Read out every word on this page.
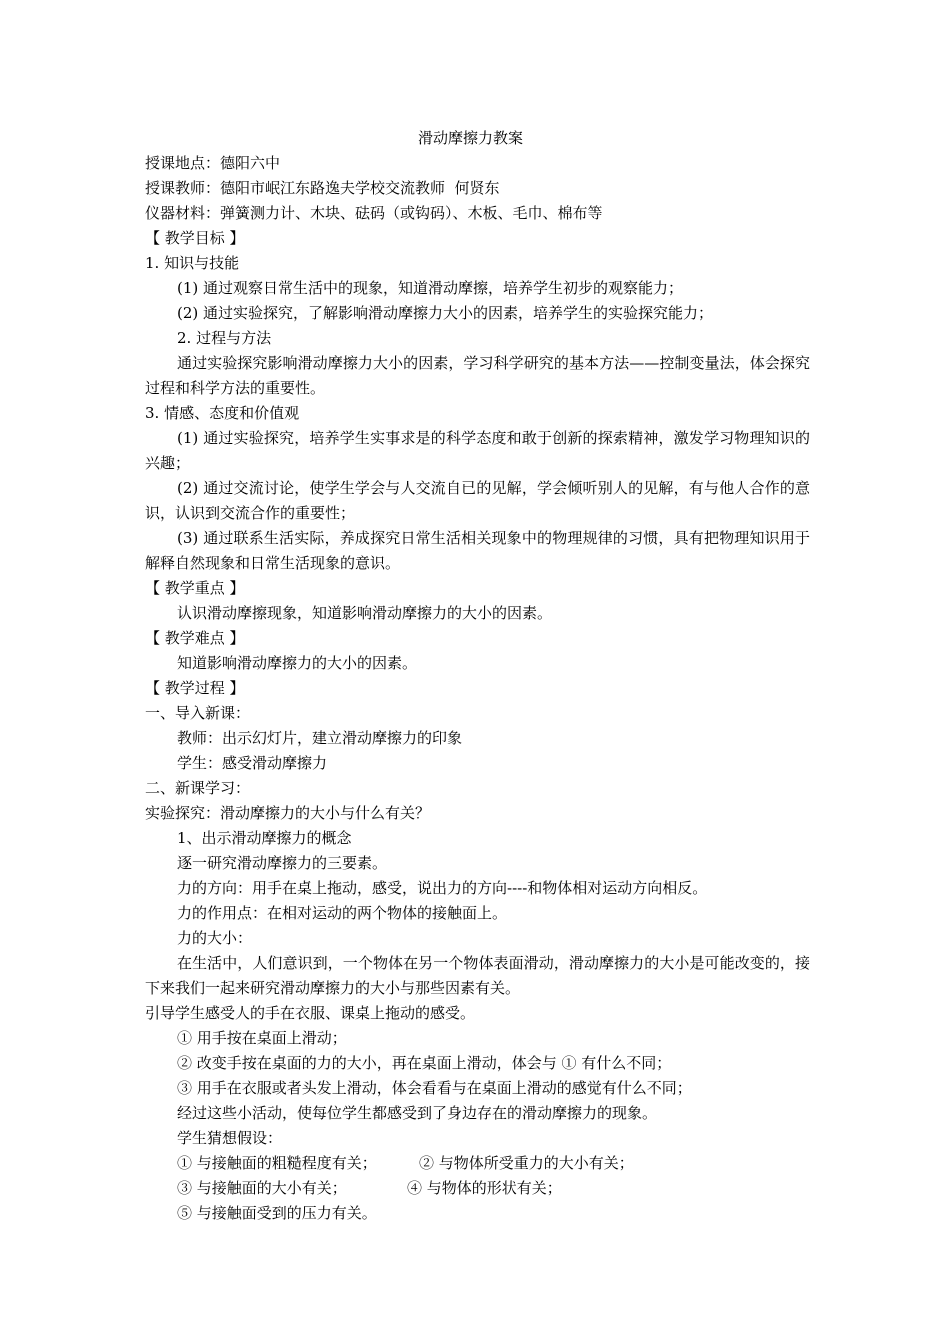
滑动摩擦力教案
授课地点：德阳六中
授课教师：德阳市岷江东路逸夫学校交流教师  何贤东
仪器材料：弹簧测力计、木块、砝码（或钩码）、木板、毛巾、棉布等
【 教学目标 】
1. 知识与技能
(1) 通过观察日常生活中的现象，知道滑动摩擦，培养学生初步的观察能力；
(2) 通过实验探究，了解影响滑动摩擦力大小的因素，培养学生的实验探究能力；
2. 过程与方法
通过实验探究影响滑动摩擦力大小的因素，学习科学研究的基本方法——控制变量法，体会探究过程和科学方法的重要性。
3. 情感、态度和价值观
(1) 通过实验探究，培养学生实事求是的科学态度和敢于创新的探索精神，激发学习物理知识的兴趣；
(2) 通过交流讨论，使学生学会与人交流自已的见解，学会倾听别人的见解，有与他人合作的意识，认识到交流合作的重要性；
(3) 通过联系生活实际，养成探究日常生活相关现象中的物理规律的习惯，具有把物理知识用于解释自然现象和日常生活现象的意识。
【 教学重点 】
认识滑动摩擦现象，知道影响滑动摩擦力的大小的因素。
【 教学难点 】
知道影响滑动摩擦力的大小的因素。
【 教学过程 】
一、导入新课：
教师：出示幻灯片，建立滑动摩擦力的印象
学生：感受滑动摩擦力
二、新课学习：
实验探究：滑动摩擦力的大小与什么有关？
1、出示滑动摩擦力的概念
逐一研究滑动摩擦力的三要素。
力的方向：用手在桌上拖动，感受，说出力的方向----和物体相对运动方向相反。
力的作用点：在相对运动的两个物体的接触面上。
力的大小：
在生活中，人们意识到，一个物体在另一个物体表面滑动，滑动摩擦力的大小是可能改变的，接下来我们一起来研究滑动摩擦力的大小与那些因素有关。
引导学生感受人的手在衣服、课桌上拖动的感受。
① 用手按在桌面上滑动；
② 改变手按在桌面的力的大小，再在桌面上滑动，体会与 ① 有什么不同；
③ 用手在衣服或者头发上滑动，体会看看与在桌面上滑动的感觉有什么不同；
经过这些小活动，使每位学生都感受到了身边存在的滑动摩擦力的现象。
学生猜想假设：
① 与接触面的粗糙程度有关；	② 与物体所受重力的大小有关；
③ 与接触面的大小有关；	④ 与物体的形状有关；
⑤ 与接触面受到的压力有关。
